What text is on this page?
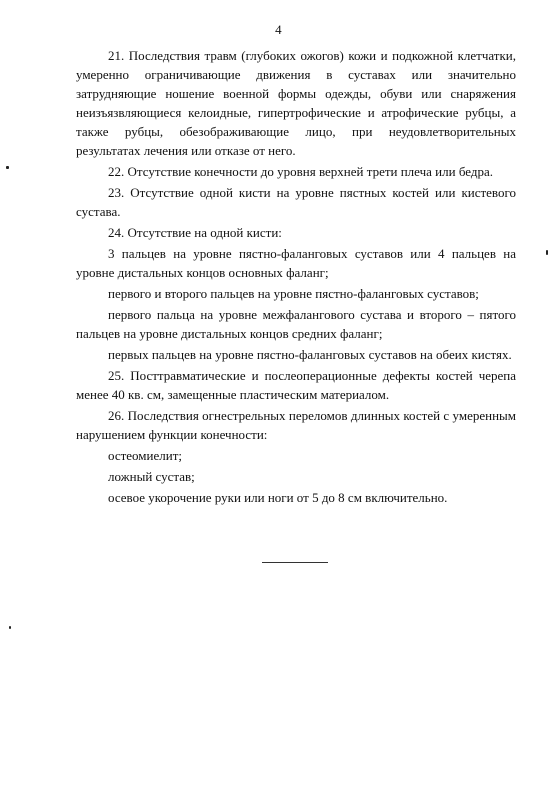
4

21. Последствия травм (глубоких ожогов) кожи и подкожной клетчатки, умеренно ограничивающие движения в суставах или значительно затрудняющие ношение военной формы одежды, обуви или снаряжения неизъязвляющиеся келоидные, гипертрофические и атрофические рубцы, а также рубцы, обезображивающие лицо, при неудовлетворительных результатах лечения или отказе от него.

22. Отсутствие конечности до уровня верхней трети плеча или бедра.

23. Отсутствие одной кисти на уровне пястных костей или кистевого сустава.

24. Отсутствие на одной кисти:

3 пальцев на уровне пястно-фаланговых суставов или 4 пальцев на уровне дистальных концов основных фаланг;

первого и второго пальцев на уровне пястно-фаланговых суставов;

первого пальца на уровне межфалангового сустава и второго – пятого пальцев на уровне дистальных концов средних фаланг;

первых пальцев на уровне пястно-фаланговых суставов на обеих кистях.

25. Посттравматические и послеоперационные дефекты костей черепа менее 40 кв. см, замещенные пластическим материалом.

26. Последствия огнестрельных переломов длинных костей с умеренным нарушением функции конечности:

остеомиелит;

ложный сустав;

осевое укорочение руки или ноги от 5 до 8 см включительно.
